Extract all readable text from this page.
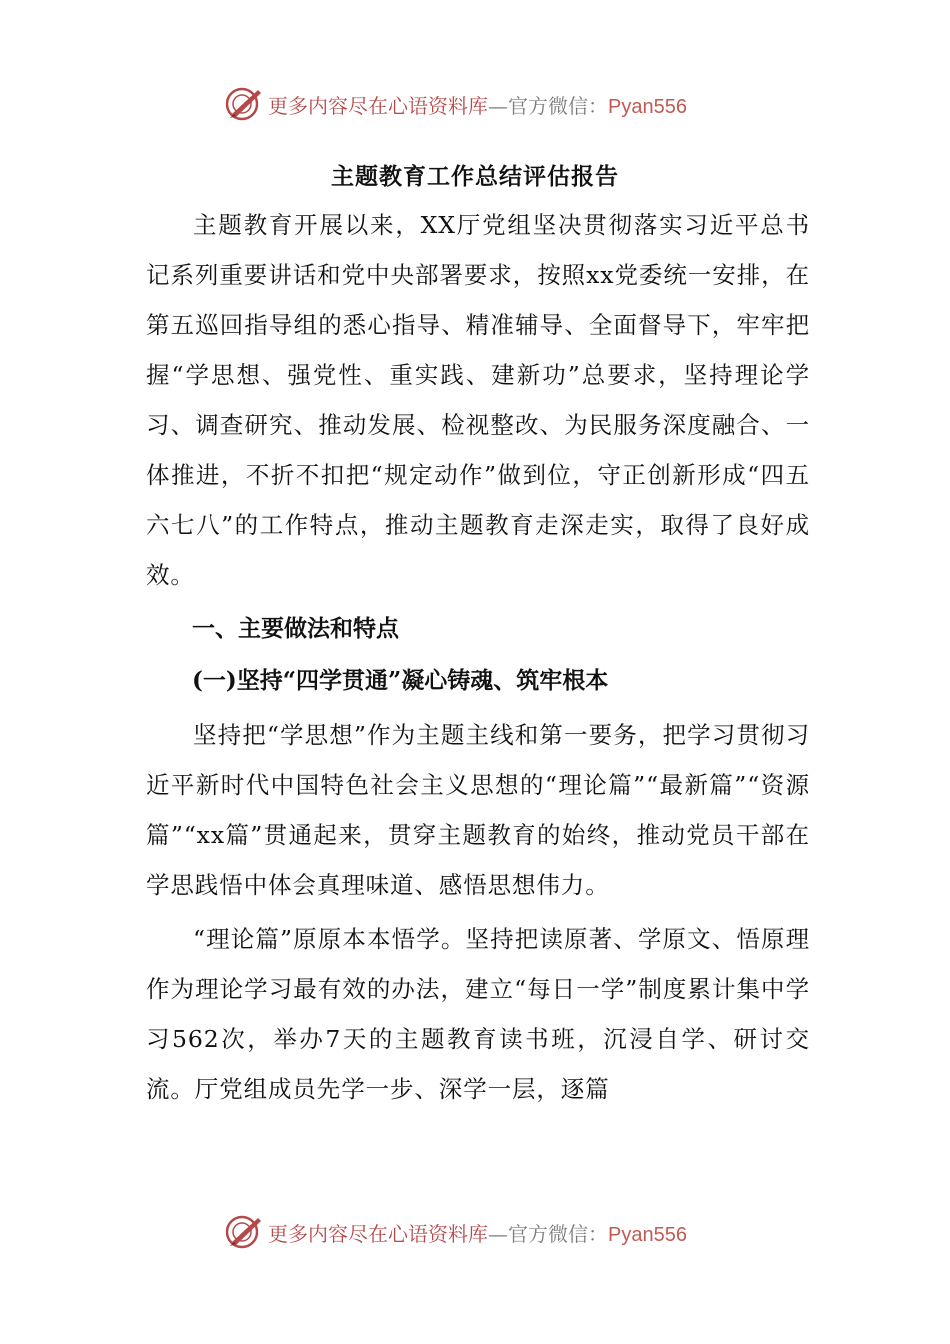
更多内容尽在心语资料库—官方微信：Pyan556
主题教育工作总结评估报告

主题教育开展以来，XX厅党组坚决贯彻落实习近平总书记系列重要讲话和党中央部署要求，按照xx党委统一安排，在第五巡回指导组的悉心指导、精准辅导、全面督导下，牢牢把握“学思想、强党性、重实践、建新功”总要求，坚持理论学习、调查研究、推动发展、检视整改、为民服务深度融合、一体推进，不折不扣把“规定动作”做到位，守正创新形成“四五六七八”的工作特点，推动主题教育走深走实，取得了良好成效。

一、主要做法和特点
(一)坚持“四学贯通”凝心铸魂、筑牢根本

坚持把“学思想”作为主题主线和第一要务，把学习贯彻习近平新时代中国特色社会主义思想的“理论篇”“最新篇”“资源篇”“xx篇”贯通起来，贯穿主题教育的始终，推动党员干部在学思践悟中体会真理味道、感悟思想伟力。

“理论篇”原原本本悟学。坚持把读原著、学原文、悟原理作为理论学习最有效的办法，建立“每日一学”制度累计集中学习562次，举办7天的主题教育读书班，沉浸自学、研讨交流。厅党组成员先学一步、深学一层，逐篇

更多内容尽在心语资料库—官方微信：Pyan556
